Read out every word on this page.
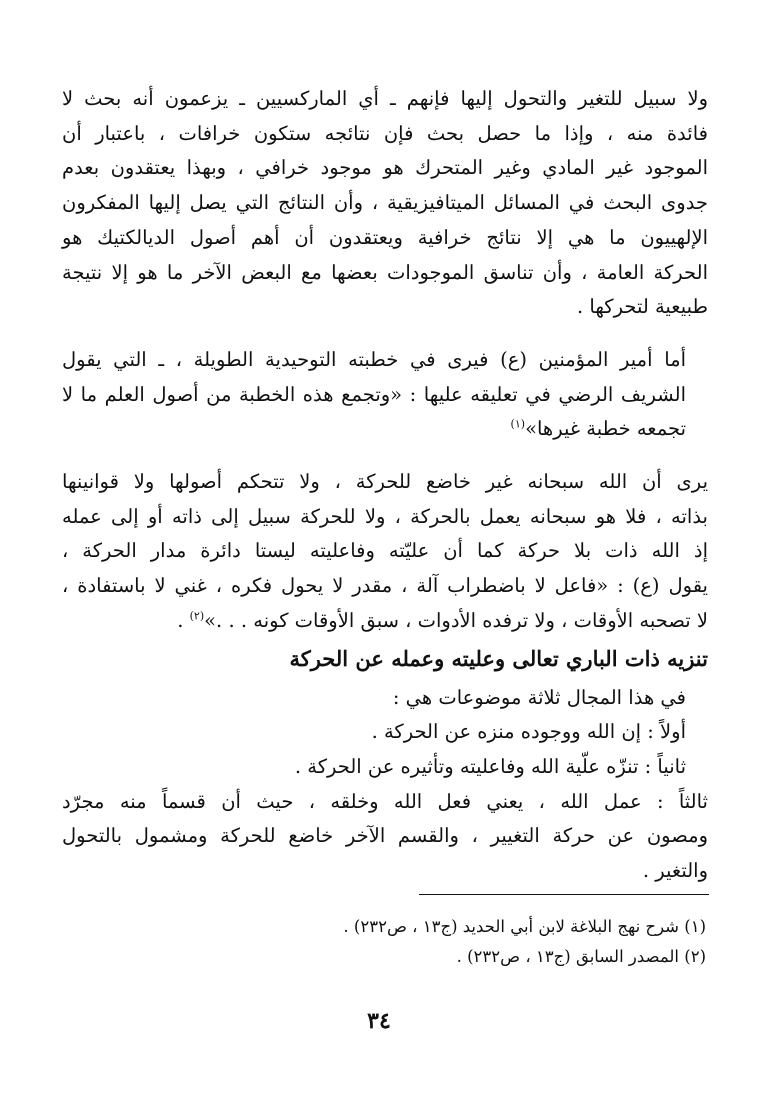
ولا سبيل للتغير والتحول إليها فإنهم ـ أي الماركسيين ـ يزعمون أنه بحث لا
فائدة منه ، وإذا ما حصل بحث فإن نتائجه ستكون خرافات ، باعتبار أن
الموجود غير المادي وغير المتحرك هو موجود خرافي ، وبهذا يعتقدون بعدم
جدوى البحث في المسائل الميتافيزيقية ، وأن النتائج التي يصل إليها المفكرون
الإلهييون ما هي إلا نتائج خرافية ويعتقدون أن أهم أصول الديالكتيك هو
الحركة العامة ، وأن تناسق الموجودات بعضها مع البعض الآخر ما هو إلا نتيجة
طبيعية لتحركها .

أما أمير المؤمنين (ع) فيرى في خطبته التوحيدية الطويلة ، ـ التي يقول
الشريف الرضي في تعليقه عليها : «وتجمع هذه الخطبة من أصول العلم ما لا
تجمعه خطبة غيرها»$^{(١)}$

يرى أن الله سبحانه غير خاضع للحركة ، ولا تتحكم أصولها ولا قوانينها
بذاته ، فلا هو سبحانه يعمل بالحركة ، ولا للحركة سبيل إلى ذاته أو إلى عمله
إذ الله ذات بلا حركة كما أن عليّته وفاعليته ليستا دائرة مدار الحركة ،
يقول (ع) : «فاعل لا باضطراب آلة ، مقدر لا يحول فكره ، غني لا باستفادة ،
لا تصحبه الأوقات ، ولا ترفده الأدوات ، سبق الأوقات كونه . . .»$^{(٢)}$ .

تنزيه ذات الباري تعالى وعليته وعمله عن الحركة

في هذا المجال ثلاثة موضوعات هي :

أولاً : إن الله ووجوده منزه عن الحركة .
ثانياً : تنزّه علّية الله وفاعليته وتأثيره عن الحركة .

ثالثاً : عمل الله ، يعني فعل الله وخلقه ، حيث أن قسماً منه مجرّد
ومصون عن حركة التغيير ، والقسم الآخر خاضع للحركة ومشمول بالتحول
والتغير .

(١) شرح نهج البلاغة لابن أبي الحديد (ج١٣ ، ص٢٣٢) .
(٢) المصدر السابق (ج١٣ ، ص٢٣٢) .
٣٤
